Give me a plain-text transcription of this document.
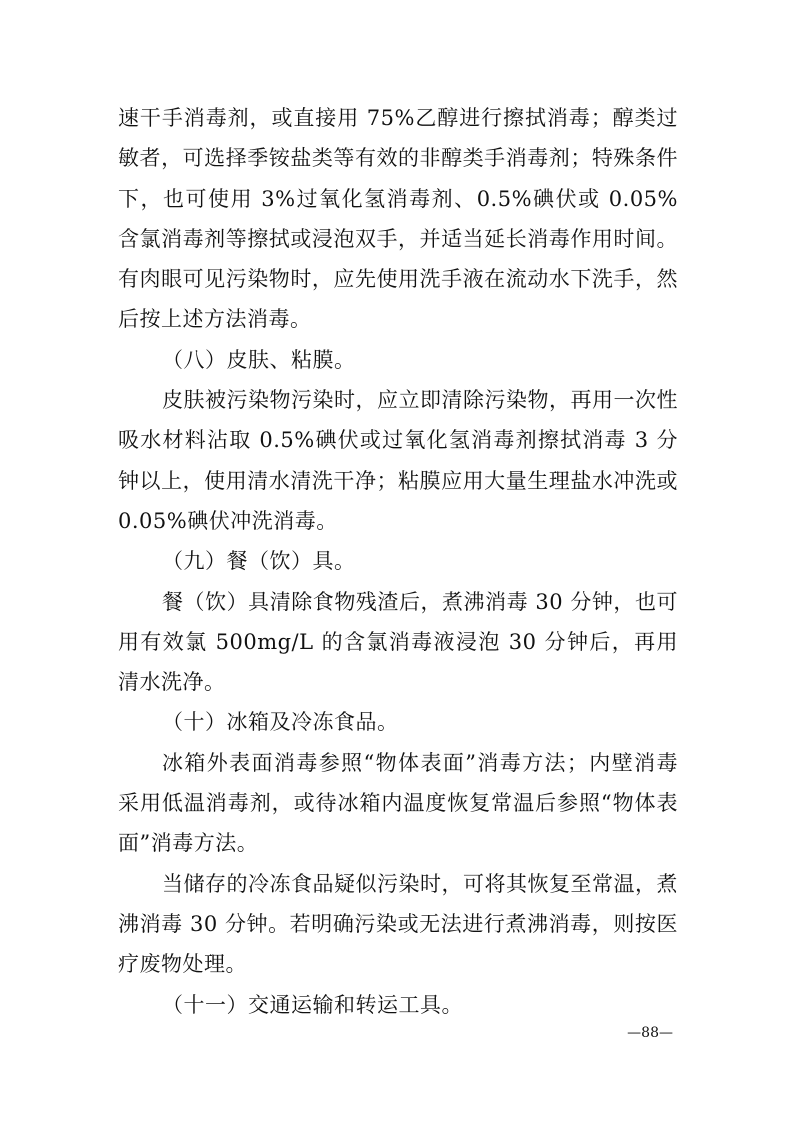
速干手消毒剂，或直接用 75%乙醇进行擦拭消毒；醇类过敏者，可选择季铵盐类等有效的非醇类手消毒剂；特殊条件下，也可使用 3%过氧化氢消毒剂、0.5%碘伏或 0.05%含氯消毒剂等擦拭或浸泡双手，并适当延长消毒作用时间。有肉眼可见污染物时，应先使用洗手液在流动水下洗手，然后按上述方法消毒。

（八）皮肤、粘膜。

皮肤被污染物污染时，应立即清除污染物，再用一次性吸水材料沾取 0.5%碘伏或过氧化氢消毒剂擦拭消毒 3 分钟以上，使用清水清洗干净；粘膜应用大量生理盐水冲洗或 0.05%碘伏冲洗消毒。

（九）餐（饮）具。

餐（饮）具清除食物残渣后，煮沸消毒 30 分钟，也可用有效氯 500mg/L 的含氯消毒液浸泡 30 分钟后，再用清水洗净。

（十）冰箱及冷冻食品。

冰箱外表面消毒参照“物体表面”消毒方法；内壁消毒采用低温消毒剂，或待冰箱内温度恢复常温后参照“物体表面”消毒方法。

当储存的冷冻食品疑似污染时，可将其恢复至常温，煮沸消毒 30 分钟。若明确污染或无法进行煮沸消毒，则按医疗废物处理。

（十一）交通运输和转运工具。

—88—
